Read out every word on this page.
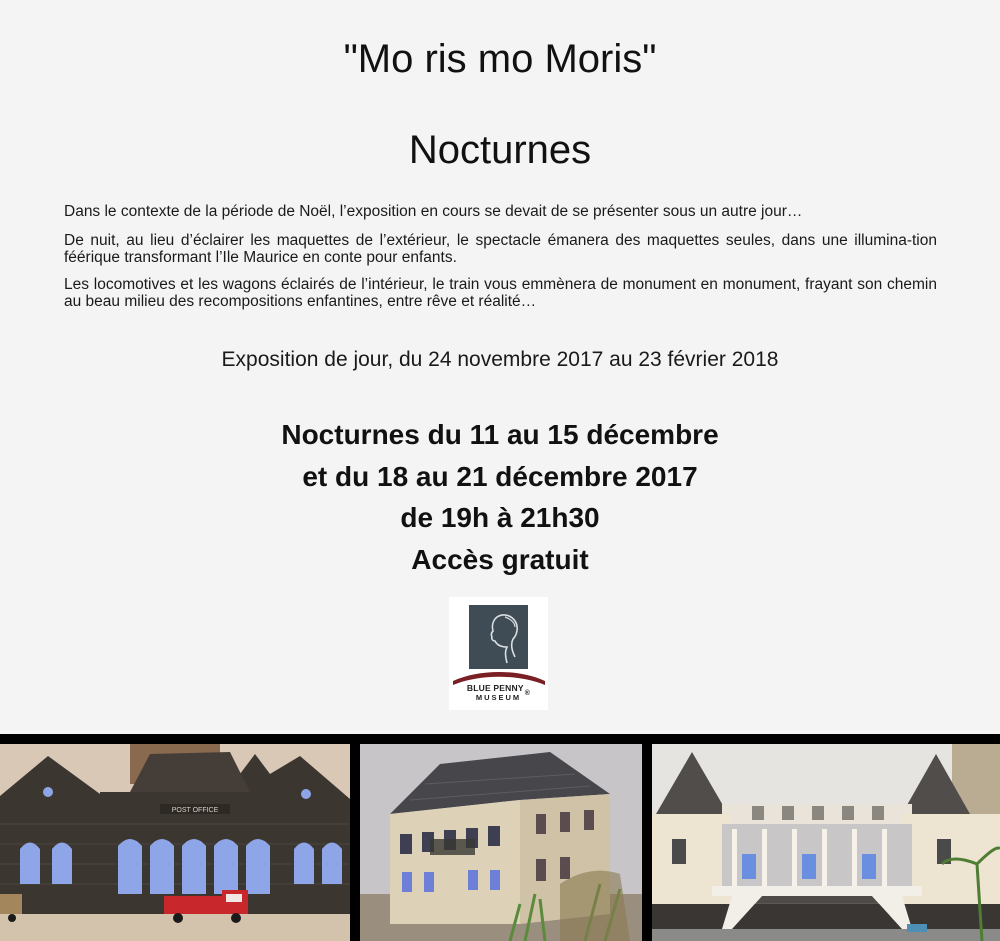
"Mo ris mo Moris"
Nocturnes

Dans le contexte de la période de Noël, l’exposition en cours se devait de se présenter sous un autre jour…

De nuit, au lieu d’éclairer les maquettes de l’extérieur, le spectacle émanera des maquettes seules, dans une illumina-tion féérique transformant l’Ile Maurice en conte pour enfants.

Les locomotives et les wagons éclairés de l’intérieur, le train vous emmènera de monument en monument, frayant son chemin au beau milieu des recompositions enfantines, entre rêve et réalité…

Exposition de jour, du 24 novembre 2017 au 23 février 2018

Nocturnes du 11 au 15 décembre
et du 18 au 21 décembre 2017
de 19h à 21h30
Accès gratuit
BLUE $PENNY_®$
MUSEUM
POST OFFICE
